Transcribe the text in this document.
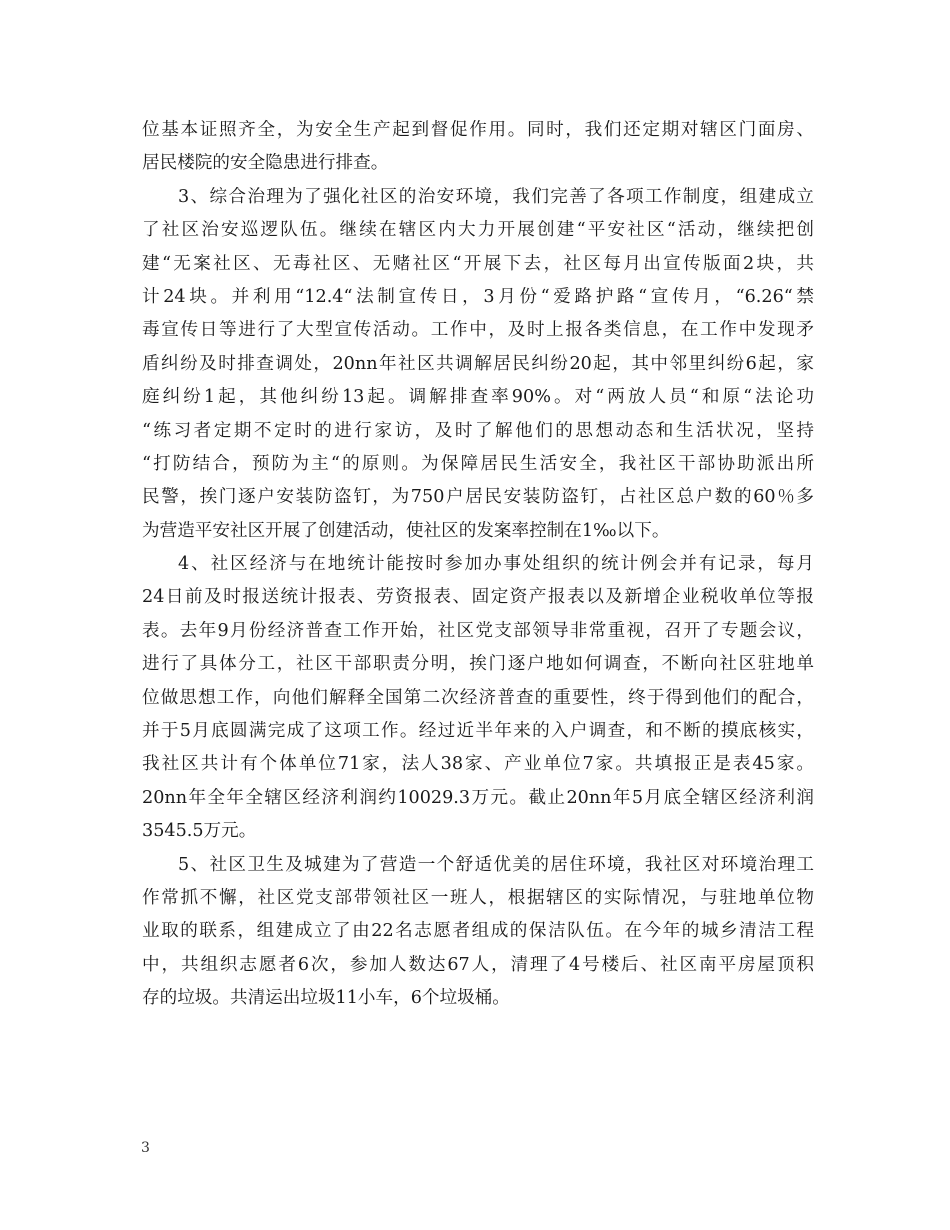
位基本证照齐全，为安全生产起到督促作用。同时，我们还定期对辖区门面房、
居民楼院的安全隐患进行排查。
3、综合治理为了强化社区的治安环境，我们完善了各项工作制度，组建成立
了社区治安巡逻队伍。继续在辖区内大力开展创建“平安社区“活动，继续把创
建“无案社区、无毒社区、无赌社区“开展下去，社区每月出宣传版面2块，共
计24块。并利用“12.4“法制宣传日，3月份“爱路护路“宣传月，“6.26“禁
毒宣传日等进行了大型宣传活动。工作中，及时上报各类信息，在工作中发现矛
盾纠纷及时排查调处，20nn年社区共调解居民纠纷20起，其中邻里纠纷6起，家
庭纠纷1起，其他纠纷13起。调解排查率90%。对“两放人员“和原“法论功
“练习者定期不定时的进行家访，及时了解他们的思想动态和生活状况，坚持
“打防结合，预防为主“的原则。为保障居民生活安全，我社区干部协助派出所
民警，挨门逐户安装防盗钉，为750户居民安装防盗钉，占社区总户数的60％多
为营造平安社区开展了创建活动，使社区的发案率控制在1‰以下。
4、社区经济与在地统计能按时参加办事处组织的统计例会并有记录，每月
24日前及时报送统计报表、劳资报表、固定资产报表以及新增企业税收单位等报
表。去年9月份经济普查工作开始，社区党支部领导非常重视，召开了专题会议，
进行了具体分工，社区干部职责分明，挨门逐户地如何调查，不断向社区驻地单
位做思想工作，向他们解释全国第二次经济普查的重要性，终于得到他们的配合，
并于5月底圆满完成了这项工作。经过近半年来的入户调查，和不断的摸底核实，
我社区共计有个体单位71家，法人38家、产业单位7家。共填报正是表45家。
20nn年全年全辖区经济利润约10029.3万元。截止20nn年5月底全辖区经济利润
3545.5万元。
5、社区卫生及城建为了营造一个舒适优美的居住环境，我社区对环境治理工
作常抓不懈，社区党支部带领社区一班人，根据辖区的实际情况，与驻地单位物
业取的联系，组建成立了由22名志愿者组成的保洁队伍。在今年的城乡清洁工程
中，共组织志愿者6次，参加人数达67人，清理了4号楼后、社区南平房屋顶积
存的垃圾。共清运出垃圾11小车，6个垃圾桶。
3
